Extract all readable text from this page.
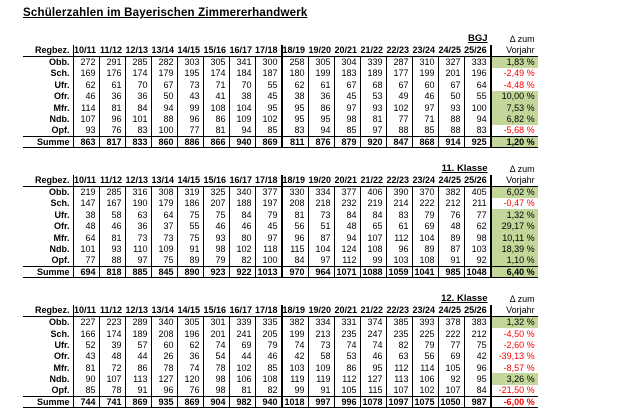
Schülerzahlen im Bayerischen Zimmererhandwerk
BGJ																	Δ zum
Regbez.	10/11	11/12	12/13	13/14	14/15	15/16	16/17	17/18	18/19	19/20	20/21	21/22	22/23	23/24	24/25	25/26	Vorjahr
Obb.	272	291	285	282	303	305	341	300	258	305	304	339	287	310	327	333	1,83 %
Sch.	169	176	174	179	195	174	184	187	180	199	183	189	177	199	201	196	-2,49 %
Ufr.	62	61	70	67	73	71	70	55	62	61	67	68	67	60	67	64	-4,48 %
Ofr.	46	36	36	50	43	41	38	45	38	36	45	53	49	46	50	55	10,00 %
Mfr.	114	81	84	94	99	108	104	95	95	86	97	93	102	97	93	100	7,53 %
Ndb.	107	96	101	88	96	86	109	102	95	95	98	81	77	71	88	94	6,82 %
Opf.	93	76	83	100	77	81	94	85	83	94	85	97	88	85	88	83	-5,68 %
Summe	863	817	833	860	886	866	940	869	811	876	879	920	847	868	914	925	1,20 %
11. Klasse																	Δ zum
Regbez.	10/11	11/12	12/13	13/14	14/15	15/16	16/17	17/18	18/19	19/20	20/21	21/22	22/23	23/24	24/25	25/26	Vorjahr
Obb.	219	285	316	308	319	325	340	377	330	334	377	406	390	370	382	405	6,02 %
Sch.	147	167	190	179	186	207	188	197	208	218	232	219	214	222	212	211	-0,47 %
Ufr.	38	58	63	64	75	75	84	79	81	73	84	84	83	79	76	77	1,32 %
Ofr.	48	46	36	37	55	46	46	45	56	51	48	65	61	69	48	62	29,17 %
Mfr.	64	81	73	73	75	93	80	97	96	87	94	107	112	104	89	98	10,11 %
Ndb.	101	93	110	109	91	98	102	118	115	104	124	108	96	89	87	103	18,39 %
Opf.	77	88	97	75	89	79	82	100	84	97	112	99	103	108	91	92	1,10 %
Summe	694	818	885	845	890	923	922	1013	970	964	1071	1088	1059	1041	985	1048	6,40 %
12. Klasse																	Δ zum
Regbez.	10/11	11/12	12/13	13/14	14/15	15/16	16/17	17/18	18/19	19/20	20/21	21/22	22/23	23/24	24/25	25/26	Vorjahr
Obb.	227	223	289	340	305	301	339	335	382	334	331	374	385	393	378	383	1,32 %
Sch.	166	174	189	208	196	201	241	205	199	213	235	247	235	225	222	212	-4,50 %
Ufr.	52	39	57	60	62	74	69	79	74	73	74	74	82	79	77	75	-2,60 %
Ofr.	43	48	44	26	36	54	44	46	42	58	53	46	63	56	69	42	-39,13 %
Mfr.	81	72	86	78	74	78	102	85	103	109	86	95	112	114	105	96	-8,57 %
Ndb.	90	107	113	127	120	98	106	108	119	119	112	127	113	106	92	95	3,26 %
Opf.	85	78	91	96	76	98	81	82	99	91	105	115	107	102	107	84	-21,50 %
Summe	744	741	869	935	869	904	982	940	1018	997	996	1078	1097	1075	1050	987	-6,00 %
